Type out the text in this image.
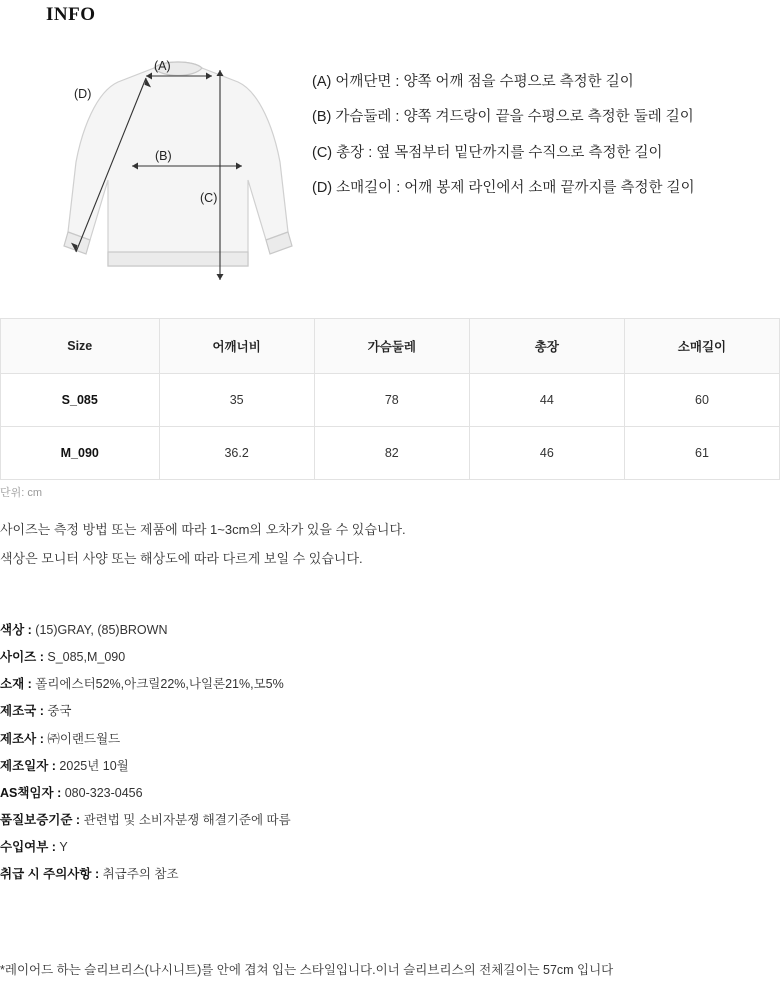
INFO
(A)
(B)
(C)
(D)
(A) 어깨단면 : 양쪽 어깨 점을 수평으로 측정한 길이
(B) 가슴둘레 : 양쪽 겨드랑이 끝을 수평으로 측정한 둘레 길이
(C) 총장 : 옆 목점부터 밑단까지를 수직으로 측정한 길이
(D) 소매길이 : 어깨 봉제 라인에서 소매 끝까지를 측정한 길이
Size	어깨너비	가슴둘레	총장	소매길이
S_085	35	78	44	60
M_090	36.2	82	46	61
단위: cm
사이즈는 측정 방법 또는 제품에 따라 1~3cm의 오차가 있을 수 있습니다.
색상은 모니터 사양 또는 해상도에 따라 다르게 보일 수 있습니다.
색상 : (15)GRAY, (85)BROWN
사이즈 : S_085,M_090
소재 : 폴리에스터52%,아크릴22%,나일론21%,모5%
제조국 : 중국
제조사 : ㈜이랜드월드
제조일자 : 2025년 10월
AS책임자 : 080-323-0456
품질보증기준 : 관련법 및 소비자분쟁 해결기준에 따름
수입여부 : Y
취급 시 주의사항 : 취급주의 참조
*레이어드 하는 슬리브리스(나시니트)를 안에 겹쳐 입는 스타일입니다.이너 슬리브리스의 전체길이는 57cm 입니다
